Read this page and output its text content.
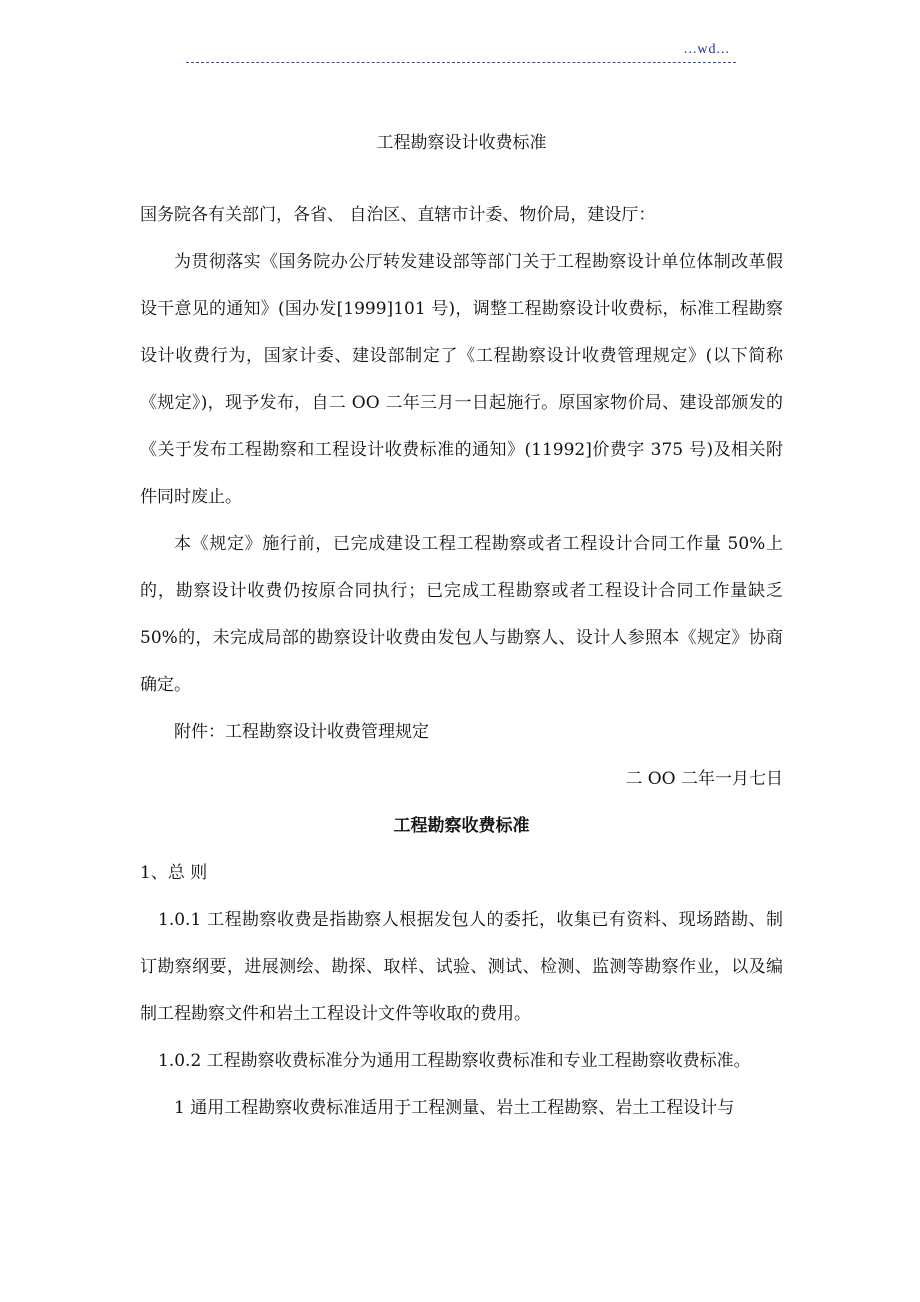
...wd...

工程勘察设计收费标准

国务院各有关部门，各省、 自治区、直辖市计委、物价局，建设厅：

为贯彻落实《国务院办公厅转发建设部等部门关于工程勘察设计单位体制改革假设干意见的通知》(国办发[1999]101 号)，调整工程勘察设计收费标，标准工程勘察设计收费行为，国家计委、建设部制定了《工程勘察设计收费管理规定》(以下简称《规定》)，现予发布，自二 OO 二年三月一日起施行。原国家物价局、建设部颁发的《关于发布工程勘察和工程设计收费标准的通知》(11992]价费字 375 号)及相关附件同时废止。

本《规定》施行前，已完成建设工程工程勘察或者工程设计合同工作量 50%上的，勘察设计收费仍按原合同执行；已完成工程勘察或者工程设计合同工作量缺乏 50%的，未完成局部的勘察设计收费由发包人与勘察人、设计人参照本《规定》协商确定。

附件：工程勘察设计收费管理规定

二 OO 二年一月七日

工程勘察收费标准

1、总 则

1.0.1 工程勘察收费是指勘察人根据发包人的委托，收集已有资料、现场踏勘、制订勘察纲要，进展测绘、勘探、取样、试验、测试、检测、监测等勘察作业，以及编制工程勘察文件和岩土工程设计文件等收取的费用。

1.0.2 工程勘察收费标准分为通用工程勘察收费标准和专业工程勘察收费标准。

1 通用工程勘察收费标准适用于工程测量、岩土工程勘察、岩土工程设计与
